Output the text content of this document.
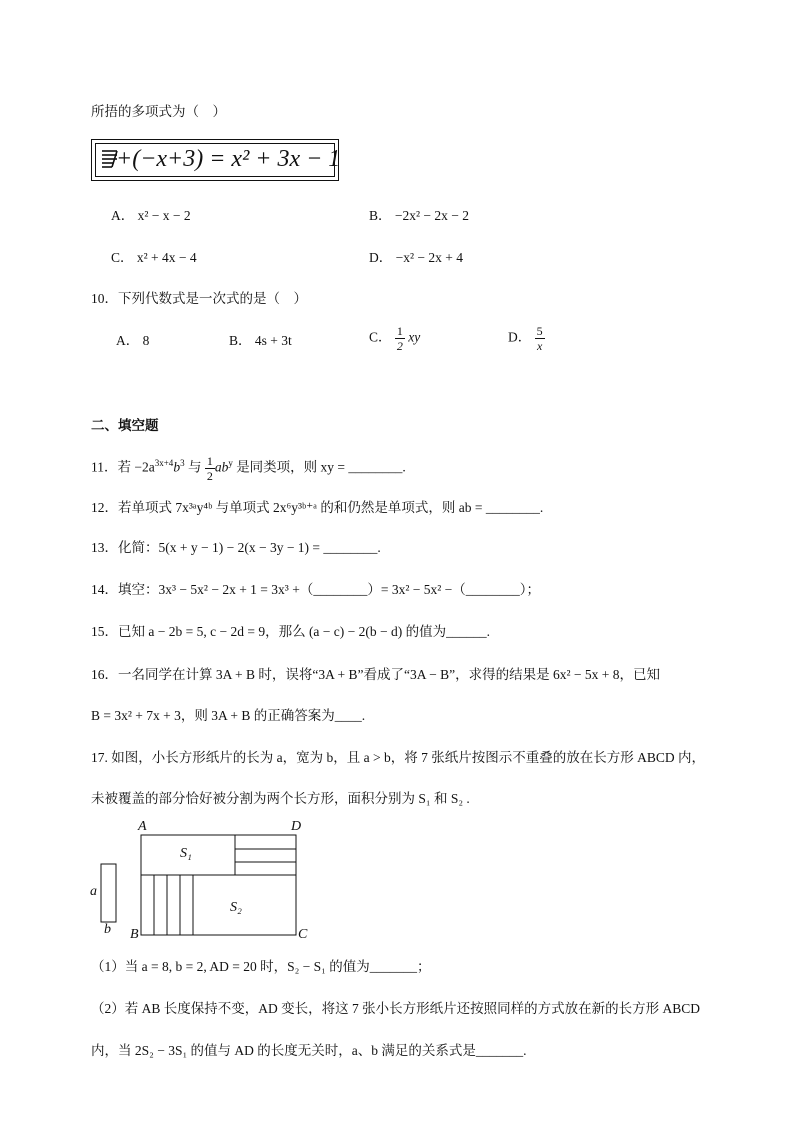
所捂的多项式为（　）
+(−x+3) = x² + 3x − 1
A． x² − x − 2	B． −2x² − 2x − 2
C． x² + 4x − 4	D． −x² − 2x + 4
10．下列代数式是一次式的是（　）
A． 8	B． 4s + 3t	C． $\frac{1}{2}$ xy	D． $\frac{5}{x}$
二、填空题
11．若 $-2a^{3x+4}b^3$ 与 $\frac{1}{2} ab^y$ 是同类项，则 xy = ________.
12．若单项式 7x³ᵃy⁴ᵇ 与单项式 2x⁶y³ᵇ⁺ᵃ 的和仍然是单项式，则 ab = ________.
13．化简：5(x + y − 1) − 2(x − 3y − 1) = ________.
14．填空：3x³ − 5x² − 2x + 1 = 3x³ +（________）= 3x² − 5x² −（________）；
15．已知 a − 2b = 5, c − 2d = 9，那么 (a − c) − 2(b − d) 的值为______.
16．一名同学在计算 3A + B 时，误将“3A + B”看成了“3A − B”，求得的结果是 6x² − 5x + 8，已知
B = 3x² + 7x + 3，则 3A + B 的正确答案为____.
17. 如图，小长方形纸片的长为 a，宽为 b，且 a > b，将 7 张纸片按图示不重叠的放在长方形 ABCD 内，
未被覆盖的部分恰好被分割为两个长方形，面积分别为 S₁ 和 S₂ .
A	D
B	C
S₁
S₂
a
b
（1）当 a = 8, b = 2, AD = 20 时，S₂ − S₁ 的值为_______；
（2）若 AB 长度保持不变，AD 变长，将这 7 张小长方形纸片还按照同样的方式放在新的长方形 ABCD
内，当 2S₂ − 3S₁ 的值与 AD 的长度无关时，a、b 满足的关系式是_______.
